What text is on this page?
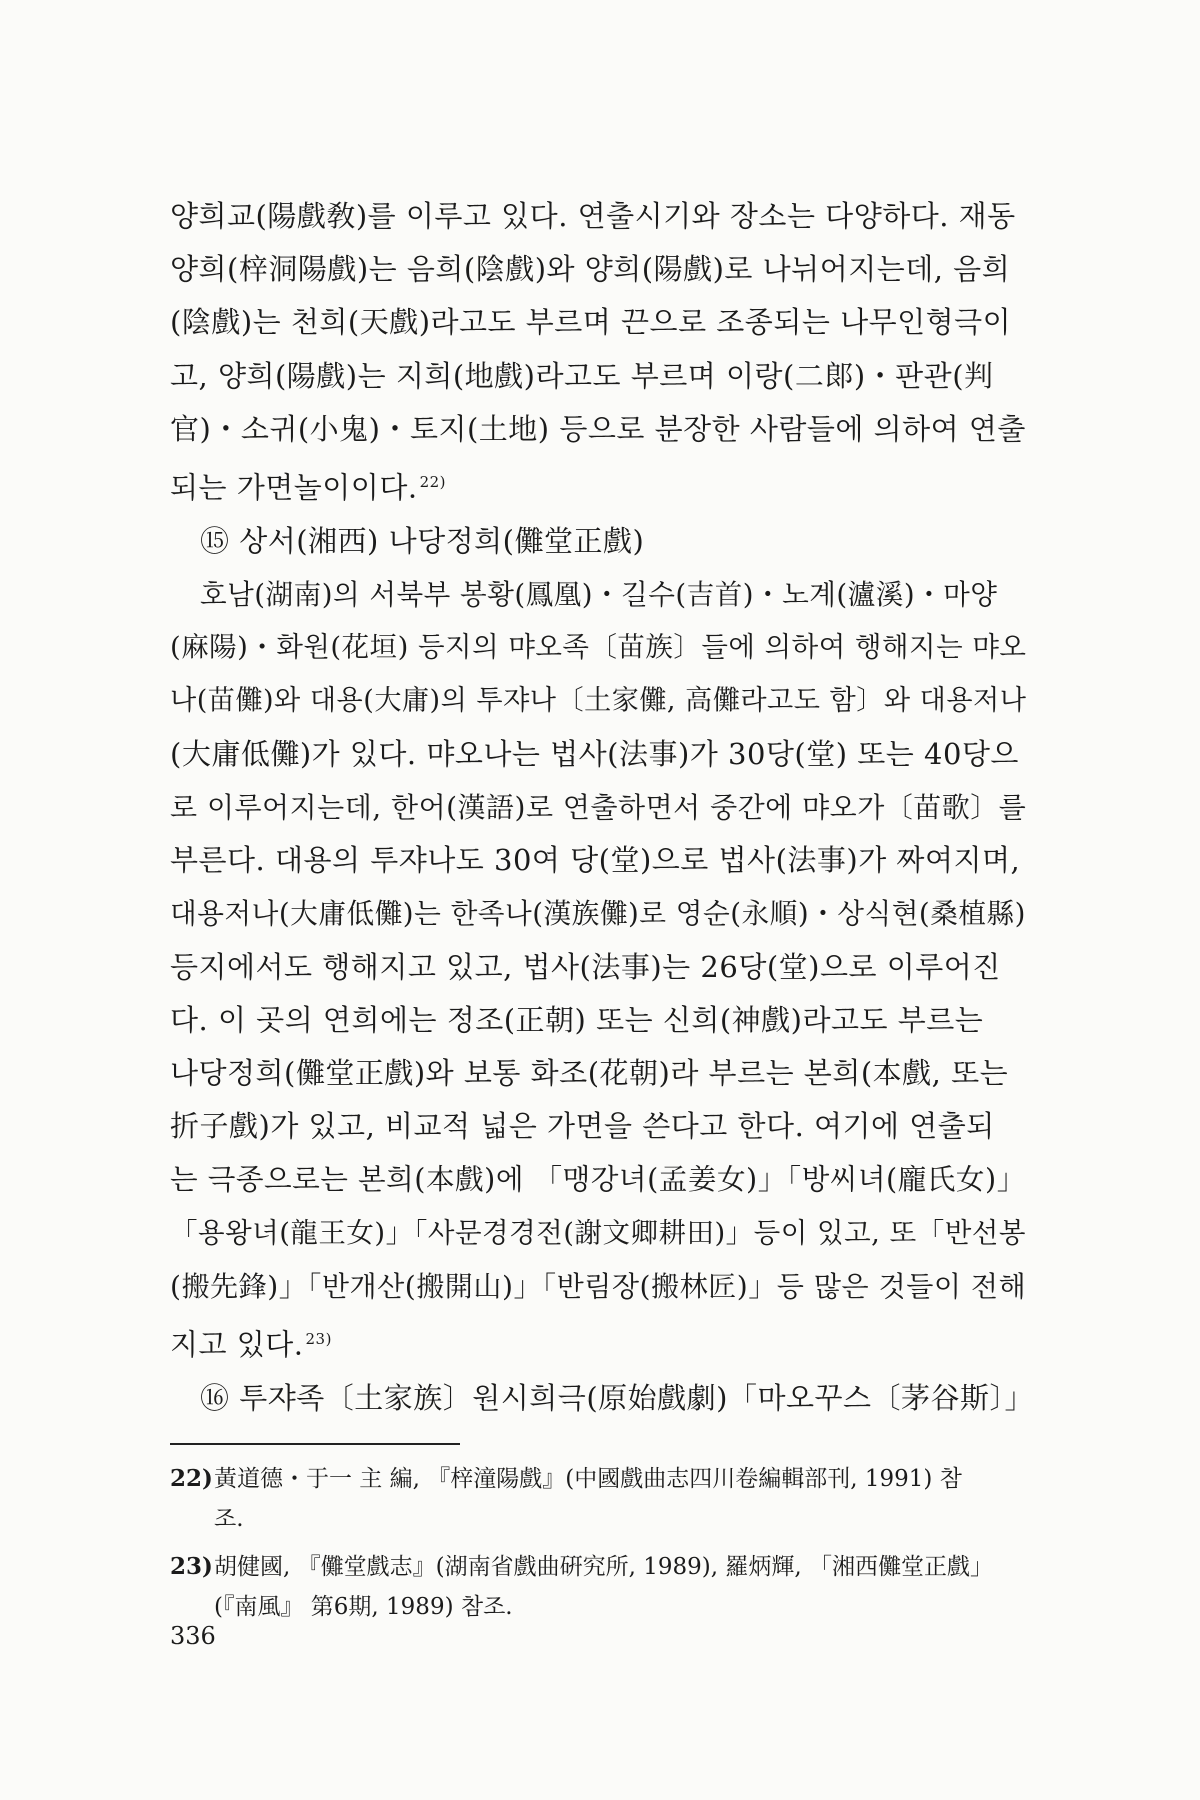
양희교(陽戲敎)를 이루고 있다. 연출시기와 장소는 다양하다. 재동
양희(梓洞陽戲)는 음희(陰戲)와 양희(陽戲)로 나뉘어지는데, 음희
(陰戲)는 천희(天戲)라고도 부르며 끈으로 조종되는 나무인형극이
고, 양희(陽戲)는 지희(地戲)라고도 부르며 이랑(二郞)・판관(判
官)・소귀(小鬼)・토지(土地) 등으로 분장한 사람들에 의하여 연출
되는 가면놀이이다. $^{22)}$

⑮ 상서(湘西) 나당정희(儺堂正戲)

호남(湖南)의 서북부 봉황(鳳凰)・길수(吉首)・노계(瀘溪)・마양
(麻陽)・화원(花垣) 등지의 먀오족〔苗族〕들에 의하여 행해지는 먀오
나(苗儺)와 대용(大庸)의 투쟈나〔土家儺, 高儺라고도 함〕와 대용저나
(大庸低儺)가 있다. 먀오나는 법사(法事)가 30당(堂) 또는 40당으
로 이루어지는데, 한어(漢語)로 연출하면서 중간에 먀오가〔苗歌〕를
부른다. 대용의 투쟈나도 30여 당(堂)으로 법사(法事)가 짜여지며,
대용저나(大庸低儺)는 한족나(漢族儺)로 영순(永順)・상식현(桑植縣)
등지에서도 행해지고 있고, 법사(法事)는 26당(堂)으로 이루어진
다. 이 곳의 연희에는 정조(正朝) 또는 신희(神戲)라고도 부르는
나당정희(儺堂正戲)와 보통 화조(花朝)라 부르는 본희(本戲, 또는
折子戲)가 있고, 비교적 넓은 가면을 쓴다고 한다. 여기에 연출되
는 극종으로는 본희(本戲)에 「맹강녀(孟姜女)」「방씨녀(龐氏女)」
「용왕녀(龍王女)」「사문경경전(謝文卿耕田)」등이 있고, 또「반선봉
(搬先鋒)」「반개산(搬開山)」「반림장(搬林匠)」등 많은 것들이 전해
지고 있다. $^{23)}$

⑯ 투쟈족〔土家族〕원시희극(原始戲劇)「마오꾸스〔茅谷斯〕」

22) 黃道德・于一 主 編, 『梓潼陽戲』(中國戲曲志四川卷編輯部刊, 1991) 참
조.
23) 胡健國, 『儺堂戲志』(湖南省戲曲硏究所, 1989), 羅炳輝, 「湘西儺堂正戲」
(『南風』 第6期, 1989) 참조.
336
